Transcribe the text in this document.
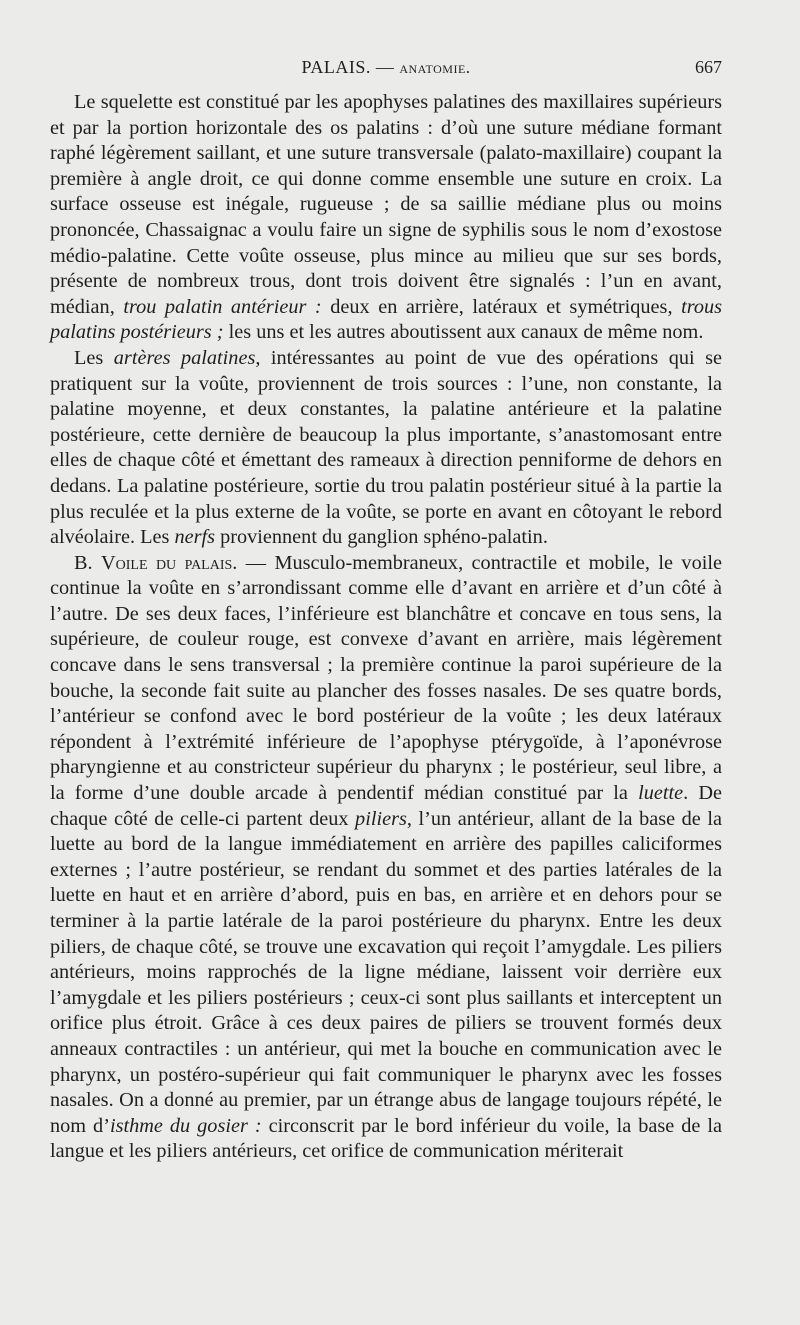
PALAIS. — anatomie.	667

Le squelette est constitué par les apophyses palatines des maxillaires supérieurs et par la portion horizontale des os palatins : d’où une suture médiane formant raphé légèrement saillant, et une suture transversale (palato-maxillaire) coupant la première à angle droit, ce qui donne comme ensemble une suture en croix. La surface osseuse est inégale, rugueuse ; de sa saillie médiane plus ou moins prononcée, Chassaignac a voulu faire un signe de syphilis sous le nom d’exostose médio-palatine. Cette voûte osseuse, plus mince au milieu que sur ses bords, présente de nombreux trous, dont trois doivent être signalés : l’un en avant, médian, trou palatin antérieur : deux en arrière, latéraux et symétriques, trous palatins postérieurs ; les uns et les autres aboutissent aux canaux de même nom.

Les artères palatines, intéressantes au point de vue des opérations qui se pratiquent sur la voûte, proviennent de trois sources : l’une, non constante, la palatine moyenne, et deux constantes, la palatine antérieure et la palatine postérieure, cette dernière de beaucoup la plus importante, s’anastomosant entre elles de chaque côté et émettant des rameaux à direction penniforme de dehors en dedans. La palatine postérieure, sortie du trou palatin postérieur situé à la partie la plus reculée et la plus externe de la voûte, se porte en avant en côtoyant le rebord alvéolaire. Les nerfs proviennent du ganglion sphéno-palatin.

B. Voile du palais. — Musculo-membraneux, contractile et mobile, le voile continue la voûte en s’arrondissant comme elle d’avant en arrière et d’un côté à l’autre. De ses deux faces, l’inférieure est blanchâtre et concave en tous sens, la supérieure, de couleur rouge, est convexe d’avant en arrière, mais légèrement concave dans le sens transversal ; la première continue la paroi supérieure de la bouche, la seconde fait suite au plancher des fosses nasales. De ses quatre bords, l’antérieur se confond avec le bord postérieur de la voûte ; les deux latéraux répondent à l’extrémité inférieure de l’apophyse ptérygoïde, à l’aponévrose pharyngienne et au constricteur supérieur du pharynx ; le postérieur, seul libre, a la forme d’une double arcade à pendentif médian constitué par la luette. De chaque côté de celle-ci partent deux piliers, l’un antérieur, allant de la base de la luette au bord de la langue immédiatement en arrière des papilles caliciformes externes ; l’autre postérieur, se rendant du sommet et des parties latérales de la luette en haut et en arrière d’abord, puis en bas, en arrière et en dehors pour se terminer à la partie latérale de la paroi postérieure du pharynx. Entre les deux piliers, de chaque côté, se trouve une excavation qui reçoit l’amygdale. Les piliers antérieurs, moins rapprochés de la ligne médiane, laissent voir derrière eux l’amygdale et les piliers postérieurs ; ceux-ci sont plus saillants et interceptent un orifice plus étroit. Grâce à ces deux paires de piliers se trouvent formés deux anneaux contractiles : un antérieur, qui met la bouche en communication avec le pharynx, un postéro-supérieur qui fait communiquer le pharynx avec les fosses nasales. On a donné au premier, par un étrange abus de langage toujours répété, le nom d’isthme du gosier : circonscrit par le bord inférieur du voile, la base de la langue et les piliers antérieurs, cet orifice de communication mériterait
